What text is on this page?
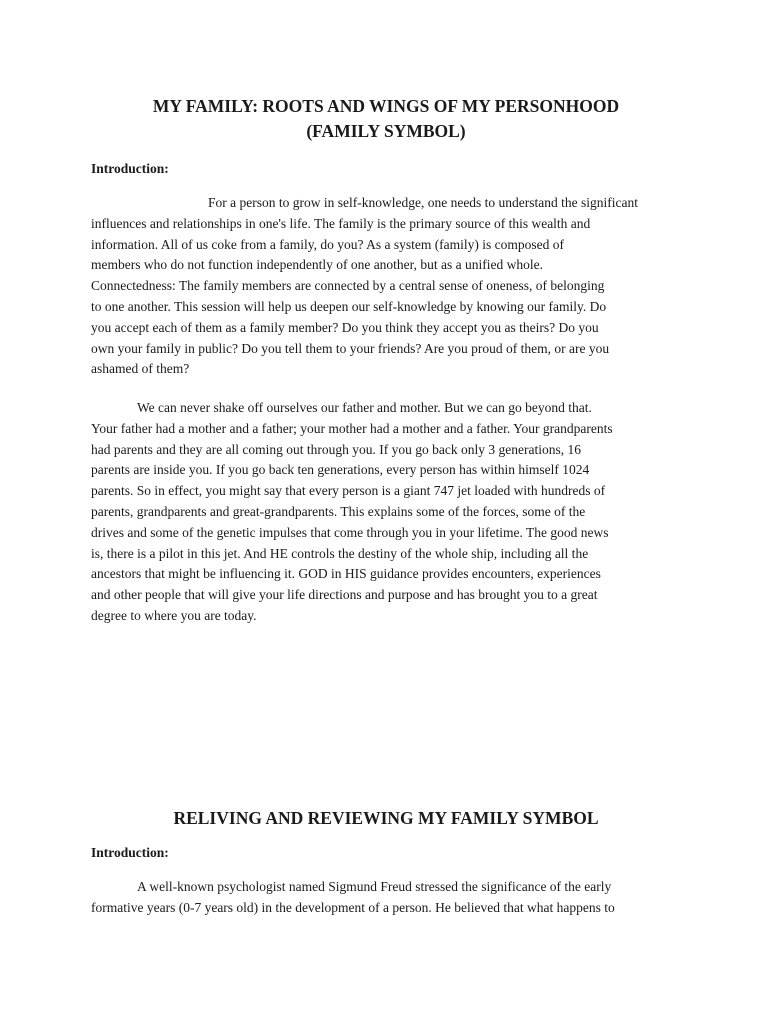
MY FAMILY: ROOTS AND WINGS OF MY PERSONHOOD
(FAMILY SYMBOL)
Introduction:

For a person to grow in self-knowledge, one needs to understand the significant
influences and relationships in one's life. The family is the primary source of this wealth and
information. All of us coke from a family, do you? As a system (family) is composed of
members who do not function independently of one another, but as a unified whole.
Connectedness: The family members are connected by a central sense of oneness, of belonging
to one another. This session will help us deepen our self-knowledge by knowing our family. Do
you accept each of them as a family member? Do you think they accept you as theirs? Do you
own your family in public? Do you tell them to your friends? Are you proud of them, or are you
ashamed of them?

We can never shake off ourselves our father and mother. But we can go beyond that.
Your father had a mother and a father; your mother had a mother and a father. Your grandparents
had parents and they are all coming out through you. If you go back only 3 generations, 16
parents are inside you. If you go back ten generations, every person has within himself 1024
parents. So in effect, you might say that every person is a giant 747 jet loaded with hundreds of
parents, grandparents and great-grandparents. This explains some of the forces, some of the
drives and some of the genetic impulses that come through you in your lifetime. The good news
is, there is a pilot in this jet. And HE controls the destiny of the whole ship, including all the
ancestors that might be influencing it. GOD in HIS guidance provides encounters, experiences
and other people that will give your life directions and purpose and has brought you to a great
degree to where you are today.

RELIVING AND REVIEWING MY FAMILY SYMBOL
Introduction:

A well-known psychologist named Sigmund Freud stressed the significance of the early
formative years (0-7 years old) in the development of a person. He believed that what happens to
